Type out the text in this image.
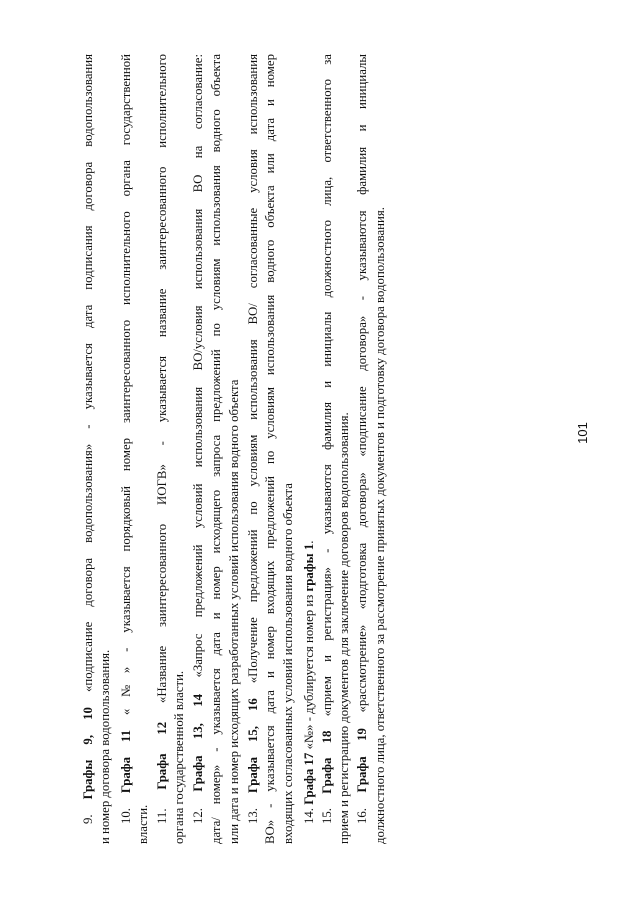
9. Графы 9, 10 «подписание договора водопользования» - указывается дата подписания договора водопользования
и номер договора водопользования. 10. Графа 11 «№» - указывается порядковый номер заинтересованного исполнительного органа государственной
власти. 11. Графа 12 «Название заинтересованного ИОГВ» - указывается название заинтересованного исполнительного
органа государственной власти. 12. Графа 13, 14 «Запрос предложений условий использования ВО/условия использования ВО на согласование: дата/ номер» - указывается дата и номер исходящего запроса предложений по условиям использования водного объекта или дата и номер исходящих разработанных условий использования водного объекта 13. Графа 15, 16 «Получение предложений по условиям использования ВО/ согласованные условия использования ВО» - указывается дата и номер входящих предложений по условиям использования водного объекта или дата и номер входящих согласованных условий использования водного объекта 14. Графа 17 «№» - дублируется номер из графы 1.
15. Графа 18 «прием и регистрация» - указываются фамилия и инициалы должностного лица, ответственного за прием и регистрацию документов для заключение договоров водопользования. 16. Графа 19 «рассмотрение» «подготовка договора» «подписание договора» - указываются фамилия и инициалы должностного лица, ответственного за рассмотрение принятых документов и подготовку договора водопользования.	101
